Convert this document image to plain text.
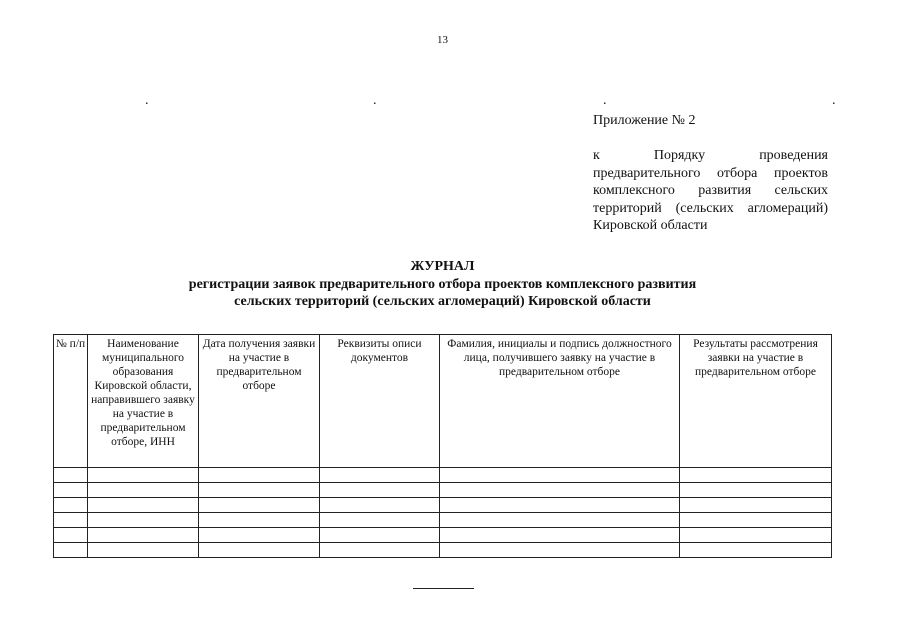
13
.	.	.	.
Приложение № 2
к Порядку проведения предварительного отбора проектов комплексного развития сельских территорий (сельских агломераций) Кировской области
ЖУРНАЛ
регистрации заявок предварительного отбора проектов комплексного развития
сельских территорий (сельских агломераций) Кировской области
№ п/п	Наименование муниципального образования Кировской области, направившего заявку на участие в предварительном отборе, ИНН	Дата получения заявки на участие в предварительном отборе	Реквизиты описи документов	Фамилия, инициалы и подпись должностного лица, получившего заявку на участие в предварительном отборе	Результаты рассмотрения заявки на участие в предварительном отборе
